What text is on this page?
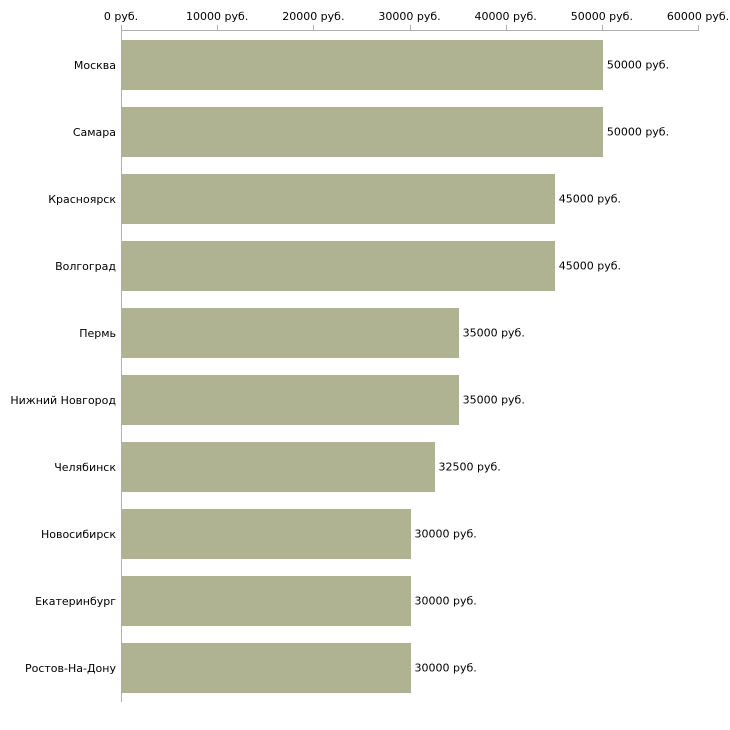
0 руб.	10000 руб.	20000 руб.	30000 руб.	40000 руб.	50000 руб.	60000 руб.
Москва
Самара
Красноярск
Волгоград
Пермь
Нижний Новгород
Челябинск
Новосибирск
Екатеринбург
Ростов-На-Дону
50000 руб.
50000 руб.
45000 руб.
45000 руб.
35000 руб.
35000 руб.
32500 руб.
30000 руб.
30000 руб.
30000 руб.
